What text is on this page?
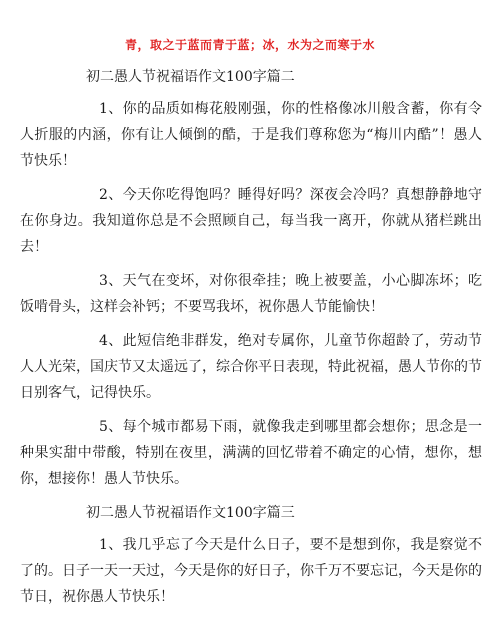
青，取之于蓝而青于蓝；冰，水为之而寒于水
初二愚人节祝福语作文100字篇二

1、你的品质如梅花般刚强，你的性格像冰川般含蓄，你有令人折服的内涵，你有让人倾倒的酷，于是我们尊称您为“梅川内酷”！愚人节快乐！

2、今天你吃得饱吗？睡得好吗？深夜会冷吗？真想静静地守在你身边。我知道你总是不会照顾自己，每当我一离开，你就从猪栏跳出去！

3、天气在变坏，对你很牵挂；晚上被要盖，小心脚冻坏；吃饭啃骨头，这样会补钙；不要骂我坏，祝你愚人节能愉快！

4、此短信绝非群发，绝对专属你，儿童节你超龄了，劳动节人人光荣，国庆节又太遥远了，综合你平日表现，特此祝福，愚人节你的节日别客气，记得快乐。

5、每个城市都易下雨，就像我走到哪里都会想你；思念是一种果实甜中带酸，特别在夜里，满满的回忆带着不确定的心情，想你，想你，想接你！愚人节快乐。

初二愚人节祝福语作文100字篇三

1、我几乎忘了今天是什么日子，要不是想到你，我是察觉不了的。日子一天一天过，今天是你的好日子，你千万不要忘记，今天是你的节日，祝你愚人节快乐！
